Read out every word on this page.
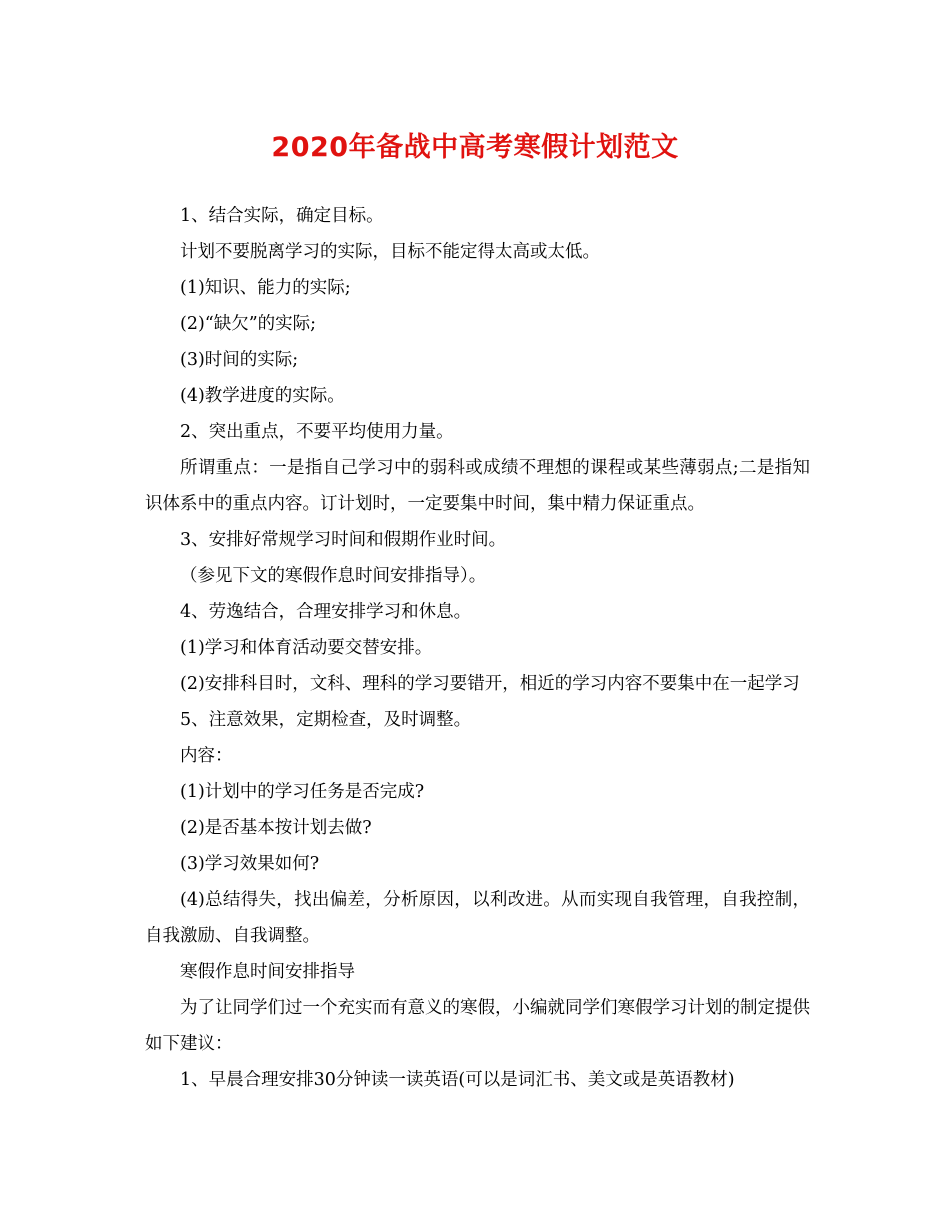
2020年备战中高考寒假计划范文

1、结合实际，确定目标。

计划不要脱离学习的实际，目标不能定得太高或太低。

(1)知识、能力的实际;

(2)“缺欠”的实际;

(3)时间的实际;

(4)教学进度的实际。

2、突出重点，不要平均使用力量。

所谓重点：一是指自己学习中的弱科或成绩不理想的课程或某些薄弱点;二是指知识体系中的重点内容。订计划时，一定要集中时间，集中精力保证重点。

3、安排好常规学习时间和假期作业时间。

（参见下文的寒假作息时间安排指导）。

4、劳逸结合，合理安排学习和休息。

(1)学习和体育活动要交替安排。

(2)安排科目时，文科、理科的学习要错开，相近的学习内容不要集中在一起学习

5、注意效果，定期检查，及时调整。

内容：

(1)计划中的学习任务是否完成?

(2)是否基本按计划去做?

(3)学习效果如何?

(4)总结得失，找出偏差，分析原因，以利改进。从而实现自我管理，自我控制，自我激励、自我调整。

寒假作息时间安排指导

为了让同学们过一个充实而有意义的寒假，小编就同学们寒假学习计划的制定提供如下建议：

1、早晨合理安排30分钟读一读英语(可以是词汇书、美文或是英语教材)
